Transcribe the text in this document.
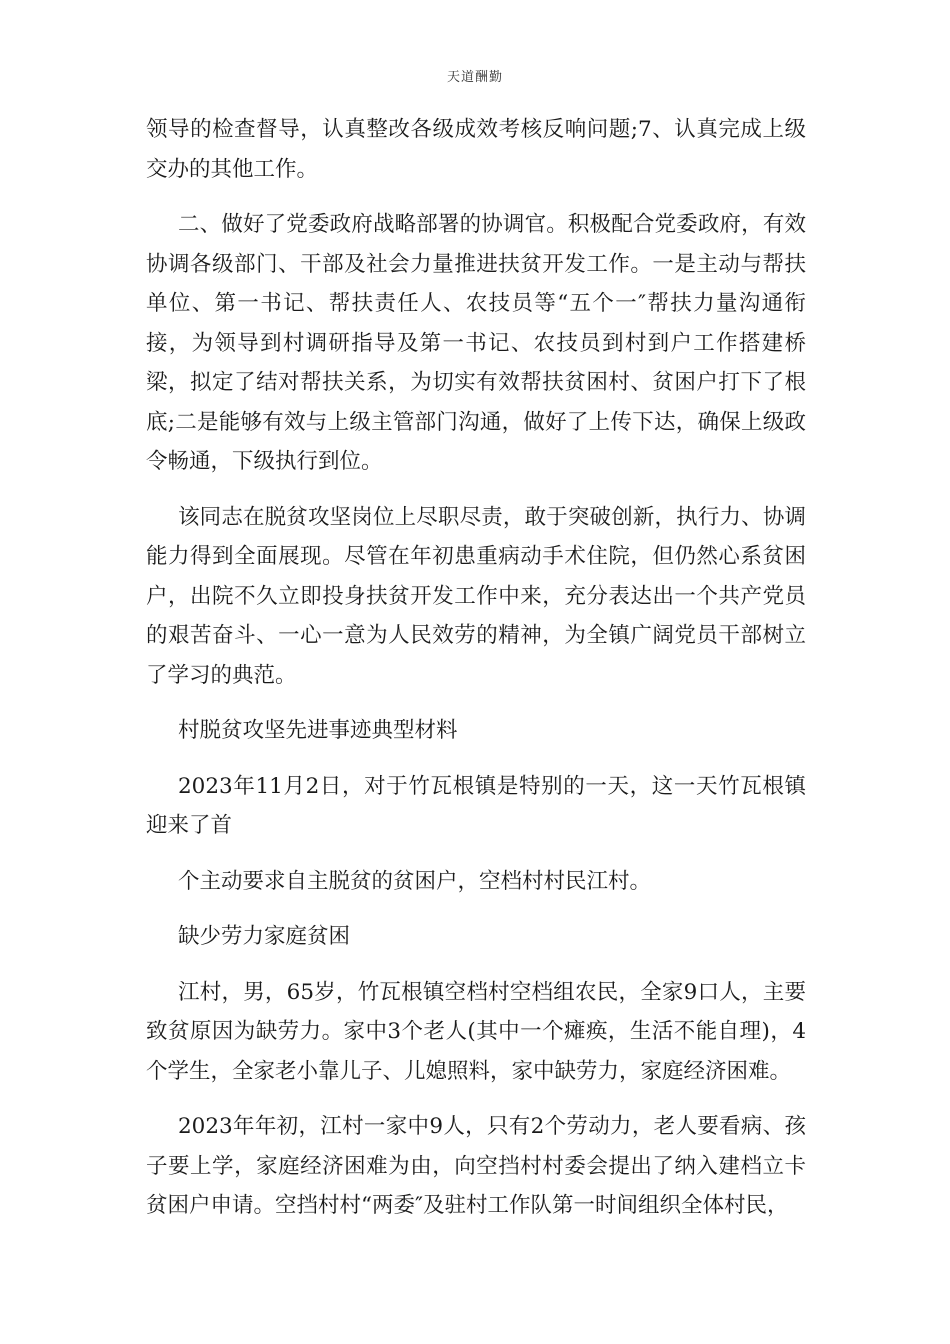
天道酬勤

领导的检查督导，认真整改各级成效考核反响问题;7、认真完成上级交办的其他工作。

二、做好了党委政府战略部署的协调官。积极配合党委政府，有效协调各级部门、干部及社会力量推进扶贫开发工作。一是主动与帮扶单位、第一书记、帮扶责任人、农技员等“五个一″帮扶力量沟通衔接，为领导到村调研指导及第一书记、农技员到村到户工作搭建桥梁，拟定了结对帮扶关系，为切实有效帮扶贫困村、贫困户打下了根底;二是能够有效与上级主管部门沟通，做好了上传下达，确保上级政令畅通，下级执行到位。

该同志在脱贫攻坚岗位上尽职尽责，敢于突破创新，执行力、协调能力得到全面展现。尽管在年初患重病动手术住院，但仍然心系贫困户，出院不久立即投身扶贫开发工作中来，充分表达出一个共产党员的艰苦奋斗、一心一意为人民效劳的精神，为全镇广阔党员干部树立了学习的典范。

村脱贫攻坚先进事迹典型材料

2023年11月2日，对于竹瓦根镇是特别的一天，这一天竹瓦根镇迎来了首

个主动要求自主脱贫的贫困户，空档村村民江村。

缺少劳力家庭贫困

江村，男，65岁，竹瓦根镇空档村空档组农民，全家9口人，主要致贫原因为缺劳力。家中3个老人(其中一个瘫痪，生活不能自理)，4个学生，全家老小靠儿子、儿媳照料，家中缺劳力，家庭经济困难。

2023年年初，江村一家中9人，只有2个劳动力，老人要看病、孩子要上学，家庭经济困难为由，向空挡村村委会提出了纳入建档立卡贫困户申请。空挡村村“两委″及驻村工作队第一时间组织全体村民，
